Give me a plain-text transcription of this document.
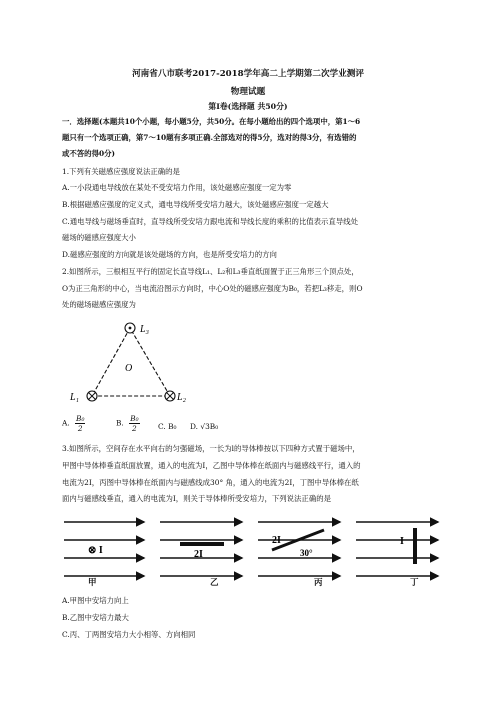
河南省八市联考2017-2018学年高二上学期第二次学业测评
物理试题
第Ⅰ卷(选择题 共50分)
一．选择题(本题共10个小题，每小题5分，共50分。在每小题给出的四个选项中，第1～6
题只有一个选项正确，第7～10题有多项正确.全部选对的得5分，选对的得3分，有选错的
或不答的得0分)
1.下列有关磁感应强度说法正确的是
A.一小段通电导线放在某处不受安培力作用，该处磁感应强度一定为零
B.根据磁感应强度的定义式，通电导线所受安培力越大，该处磁感应强度一定越大
C.通电导线与磁场垂直时，直导线所受安培力跟电流和导线长度的乘积的比值表示直导线处
磁场的磁感应强度大小
D.磁感应强度的方向就是该处磁场的方向，也是所受安培力的方向
2.如图所示，三根相互平行的固定长直导线L₁、L₂和L₃垂直纸面置于正三角形三个顶点处，
O为正三角形的中心，当电流沿图示方向时，中心O处的磁感应强度为B₀，若把L₃移走，则O
处的磁场磁感应强度为
L₃
O
L₁	L₂
A. $\frac{\text{B₀}}{2}$	B. $\frac{\text{B₀}}{2} C$. B₀ D. √3B₀
3.如图所示，空间存在水平向右的匀强磁场，一长为l的导体棒按以下四种方式置于磁场中，
甲图中导体棒垂直纸面放置，通入的电流为I，乙图中导体棒在纸面内与磁感线平行，通入的
电流为2I，丙图中导体棒在纸面内与磁感线成30° 角，通入的电流为2I，丁图中导体棒在纸
面内与磁感线垂直，通入的电流为I，则关于导体棒所受安培力，下列说法正确的是
⊗ I	2I
2I
30°
I
甲	乙	丙	丁
A.甲图中安培力向上
B.乙图中安培力最大
C.丙、丁两图安培力大小相等、方向相同
